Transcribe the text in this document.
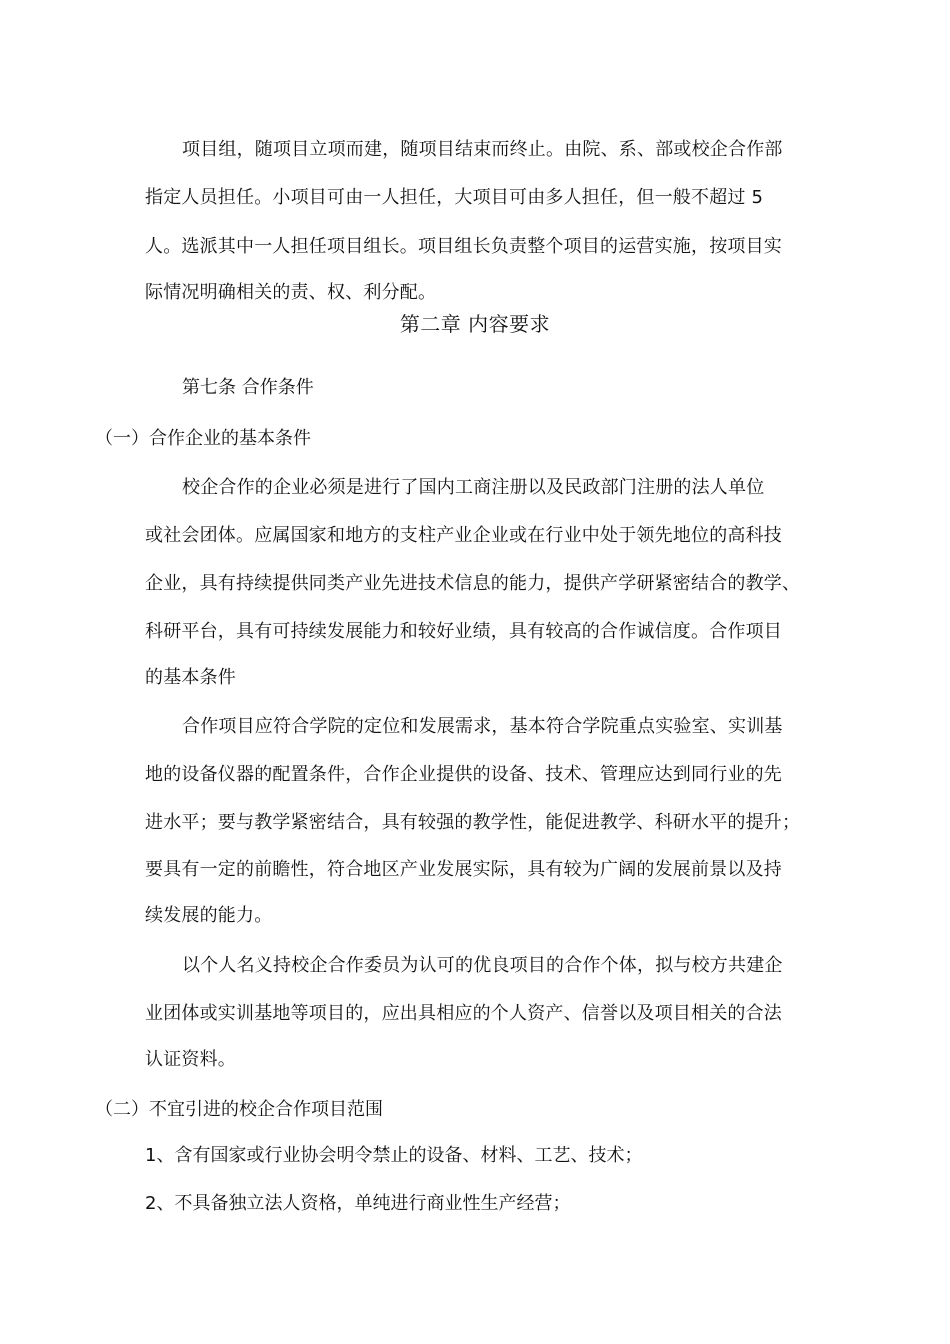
项目组，随项目立项而建，随项目结束而终止。由院、系、部或校企合作部
指定人员担任。小项目可由一人担任，大项目可由多人担任，但一般不超过 5
人。选派其中一人担任项目组长。项目组长负责整个项目的运营实施，按项目实
际情况明确相关的责、权、利分配。
第二章 内容要求
第七条 合作条件
（一）合作企业的基本条件
校企合作的企业必须是进行了国内工商注册以及民政部门注册的法人单位
或社会团体。应属国家和地方的支柱产业企业或在行业中处于领先地位的高科技
企业，具有持续提供同类产业先进技术信息的能力，提供产学研紧密结合的教学、
科研平台，具有可持续发展能力和较好业绩，具有较高的合作诚信度。合作项目
的基本条件
合作项目应符合学院的定位和发展需求，基本符合学院重点实验室、实训基
地的设备仪器的配置条件，合作企业提供的设备、技术、管理应达到同行业的先
进水平；要与教学紧密结合，具有较强的教学性，能促进教学、科研水平的提升；
要具有一定的前瞻性，符合地区产业发展实际，具有较为广阔的发展前景以及持
续发展的能力。
以个人名义持校企合作委员为认可的优良项目的合作个体，拟与校方共建企
业团体或实训基地等项目的，应出具相应的个人资产、信誉以及项目相关的合法
认证资料。
（二）不宜引进的校企合作项目范围
1、含有国家或行业协会明令禁止的设备、材料、工艺、技术；
2、不具备独立法人资格，单纯进行商业性生产经营；
